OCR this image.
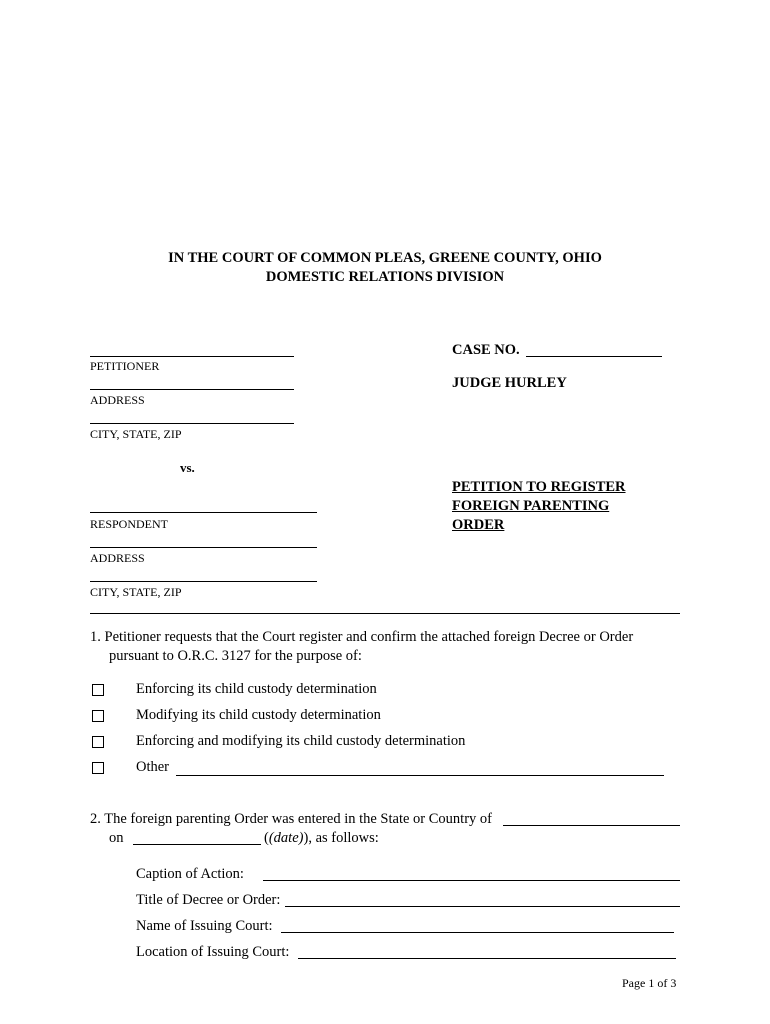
IN THE COURT OF COMMON PLEAS, GREENE COUNTY, OHIO
DOMESTIC RELATIONS DIVISION
PETITIONER
ADDRESS
CITY, STATE, ZIP
vs.
RESPONDENT
ADDRESS
CITY, STATE, ZIP
CASE NO.
JUDGE HURLEY
PETITION TO REGISTER
FOREIGN PARENTING
ORDER
1. Petitioner requests that the Court register and confirm the attached foreign Decree or Order
pursuant to O.R.C. 3127 for the purpose of:
Enforcing its child custody determination
Modifying its child custody determination
Enforcing and modifying its child custody determination
Other
2. The foreign parenting Order was entered in the State or Country of
on	((date)), as follows:
Caption of Action:
Title of Decree or Order:
Name of Issuing Court:
Location of Issuing Court:
Page 1 of 3
